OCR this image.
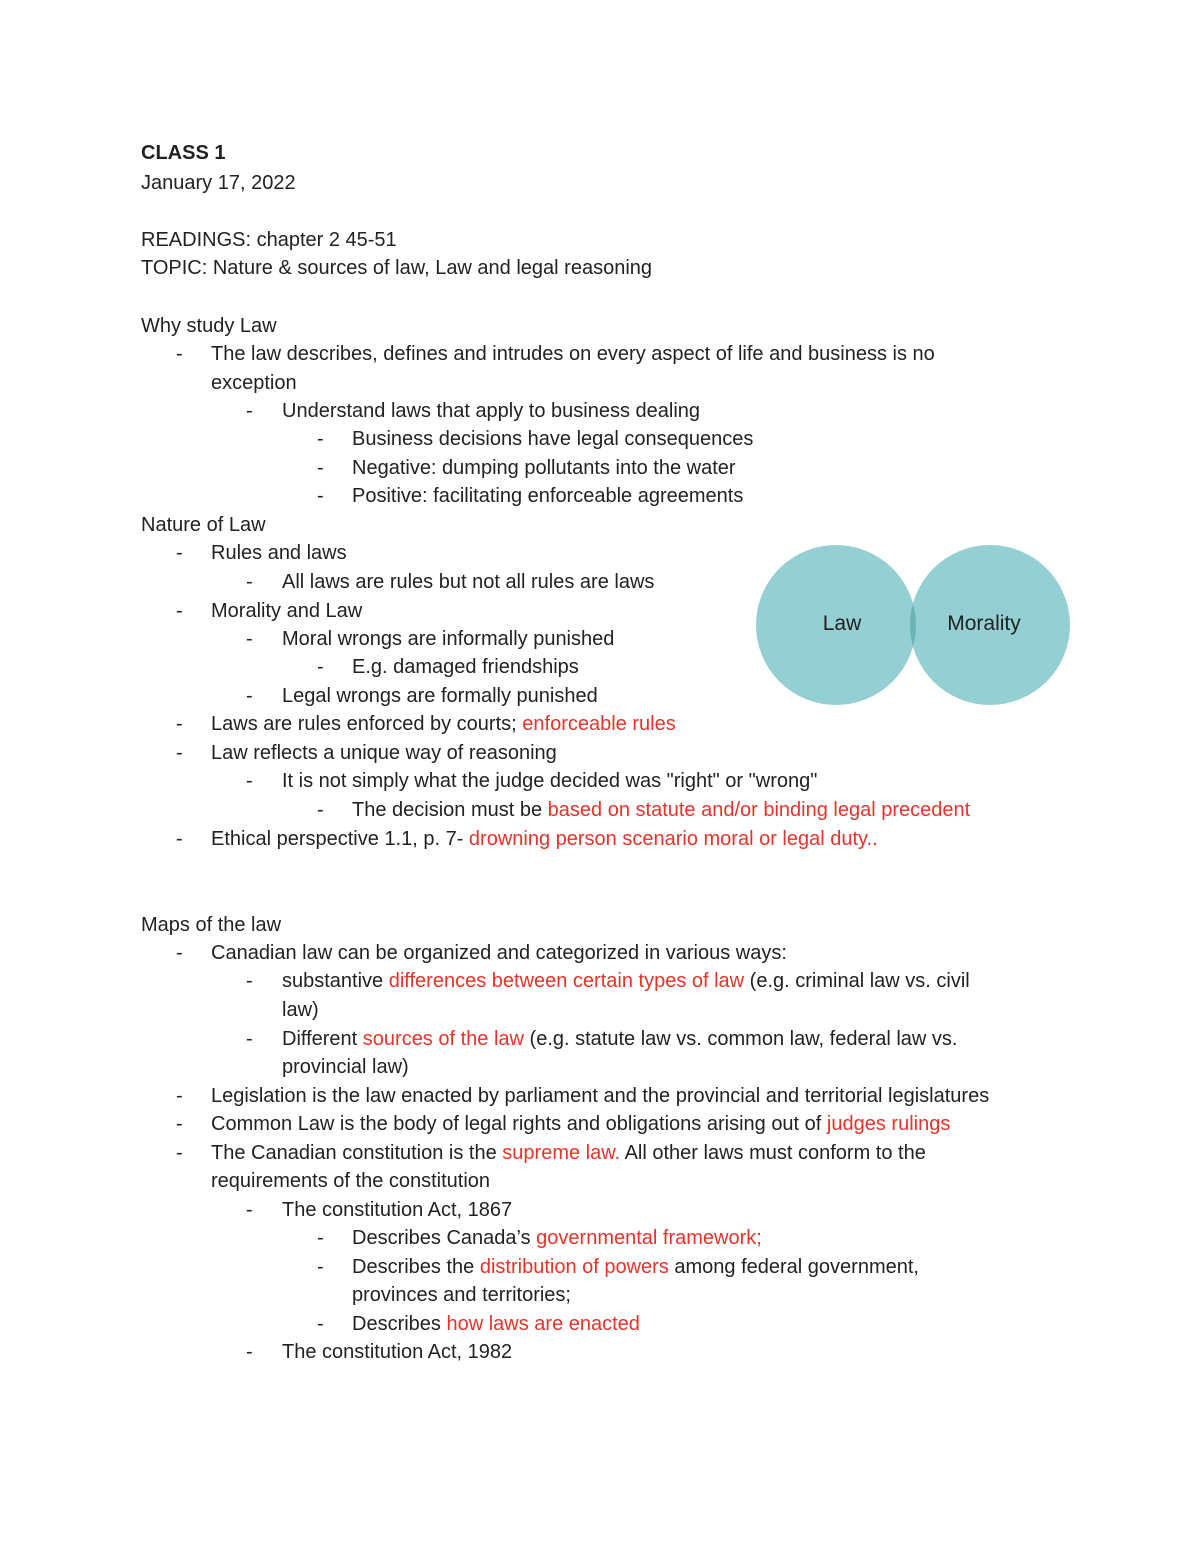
CLASS 1
January 17, 2022
READINGS: chapter 2 45-51
TOPIC: Nature & sources of law, Law and legal reasoning
Why study Law
- The law describes, defines and intrudes on every aspect of life and business is no
exception
- Understand laws that apply to business dealing
- Business decisions have legal consequences
- Negative: dumping pollutants into the water
- Positive: facilitating enforceable agreements
Nature of Law
- Rules and laws
- All laws are rules but not all rules are laws
- Morality and Law
- Moral wrongs are informally punished
- E.g. damaged friendships
- Legal wrongs are formally punished
- Laws are rules enforced by courts; enforceable rules
- Law reflects a unique way of reasoning
- It is not simply what the judge decided was "right" or "wrong"
- The decision must be based on statute and/or binding legal precedent
- Ethical perspective 1.1, p. 7- drowning person scenario moral or legal duty..
Law	Morality
Maps of the law
- Canadian law can be organized and categorized in various ways:
- substantive differences between certain types of law (e.g. criminal law vs. civil
law)
- Different sources of the law (e.g. statute law vs. common law, federal law vs.
provincial law)
- Legislation is the law enacted by parliament and the provincial and territorial legislatures
- Common Law is the body of legal rights and obligations arising out of judges rulings
- The Canadian constitution is the supreme law. All other laws must conform to the
requirements of the constitution
- The constitution Act, 1867
- Describes Canada’s governmental framework;
- Describes the distribution of powers among federal government,
provinces and territories;
- Describes how laws are enacted
- The constitution Act, 1982
